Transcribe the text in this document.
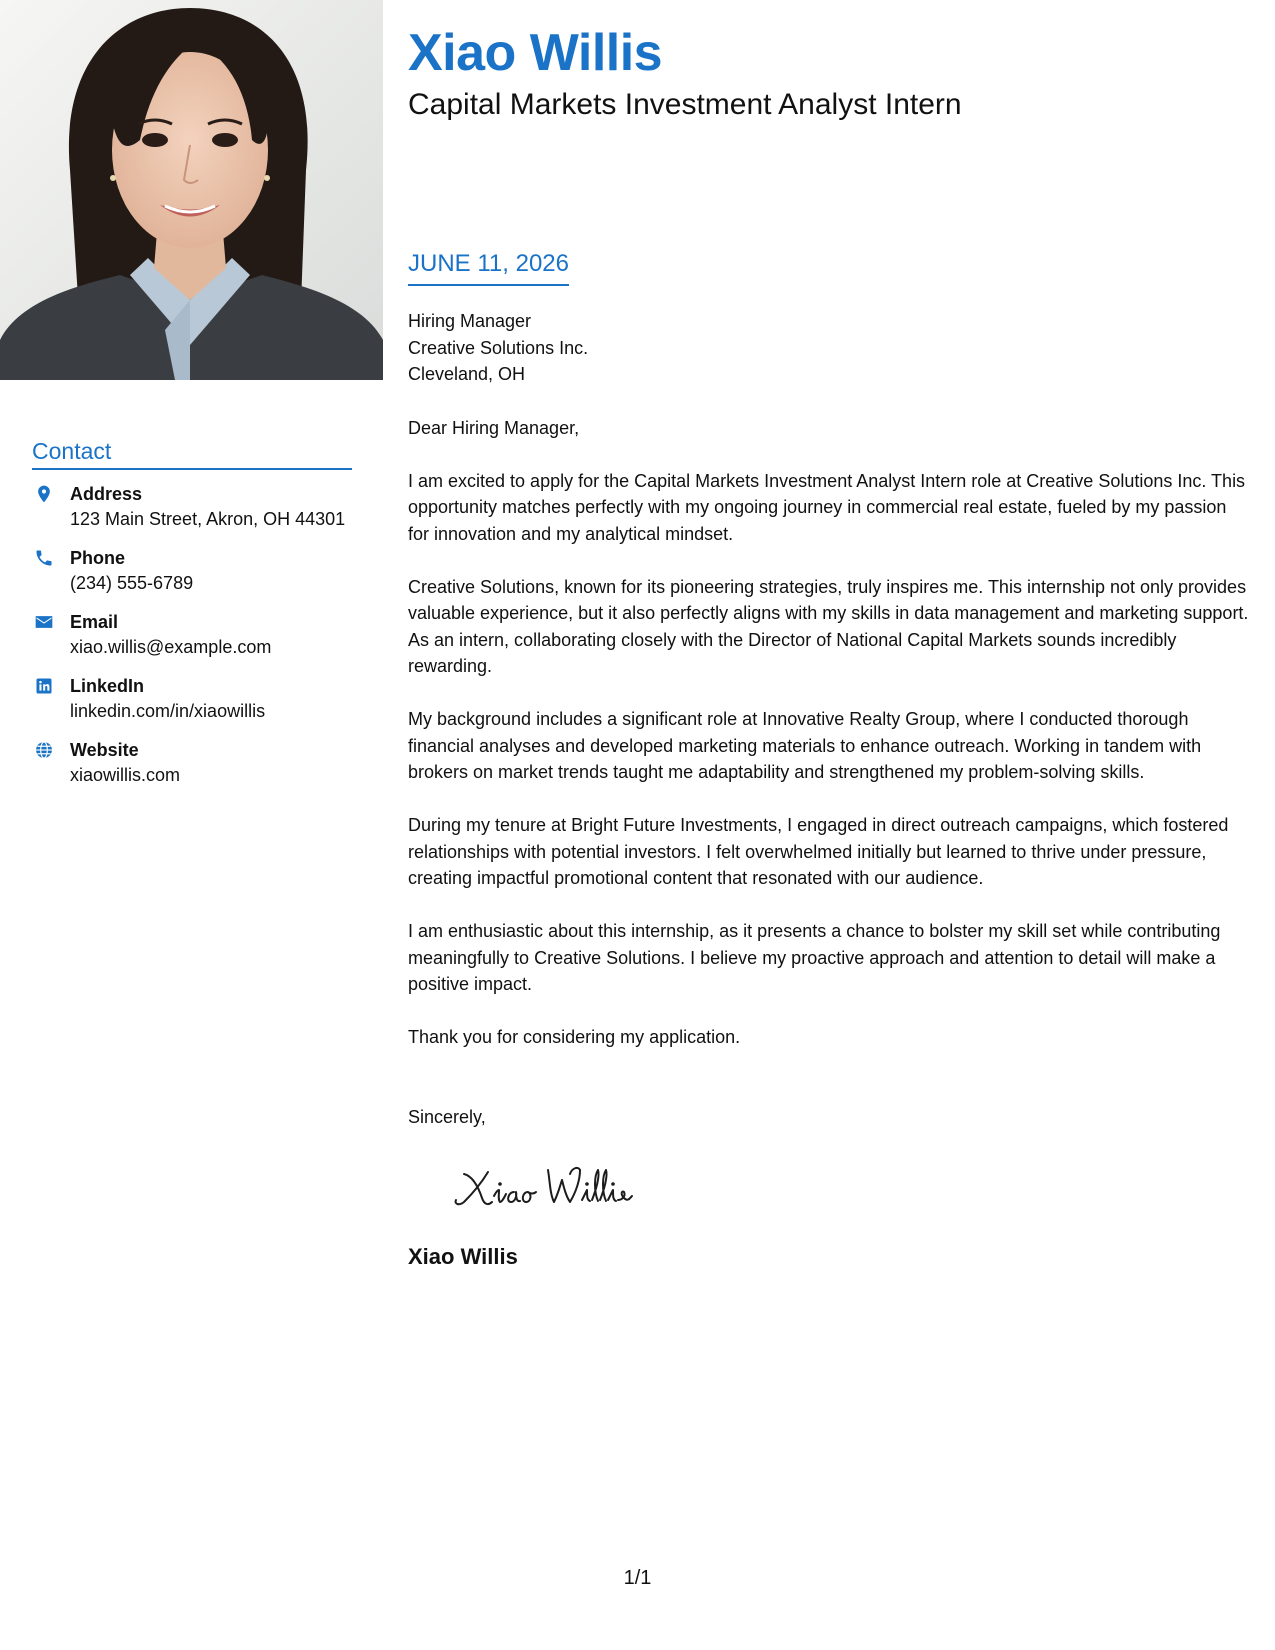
Contact
Address
123 Main Street, Akron, OH 44301
Phone
(234) 555-6789
Email
xiao.willis@example.com
LinkedIn
linkedin.com/in/xiaowillis
Website
xiaowillis.com
Xiao Willis
Capital Markets Investment Analyst Intern
JUNE 11, 2026
Hiring Manager
Creative Solutions Inc.
Cleveland, OH
Dear Hiring Manager,

I am excited to apply for the Capital Markets Investment Analyst Intern role at Creative Solutions Inc. This opportunity matches perfectly with my ongoing journey in commercial real estate, fueled by my passion for innovation and my analytical mindset.

Creative Solutions, known for its pioneering strategies, truly inspires me. This internship not only provides valuable experience, but it also perfectly aligns with my skills in data management and marketing support. As an intern, collaborating closely with the Director of National Capital Markets sounds incredibly rewarding.

My background includes a significant role at Innovative Realty Group, where I conducted thorough financial analyses and developed marketing materials to enhance outreach. Working in tandem with brokers on market trends taught me adaptability and strengthened my problem-solving skills.

During my tenure at Bright Future Investments, I engaged in direct outreach campaigns, which fostered relationships with potential investors. I felt overwhelmed initially but learned to thrive under pressure, creating impactful promotional content that resonated with our audience.

I am enthusiastic about this internship, as it presents a chance to bolster my skill set while contributing meaningfully to Creative Solutions. I believe my proactive approach and attention to detail will make a positive impact.

Thank you for considering my application.

Sincerely,
Xiao Willis
1/1
